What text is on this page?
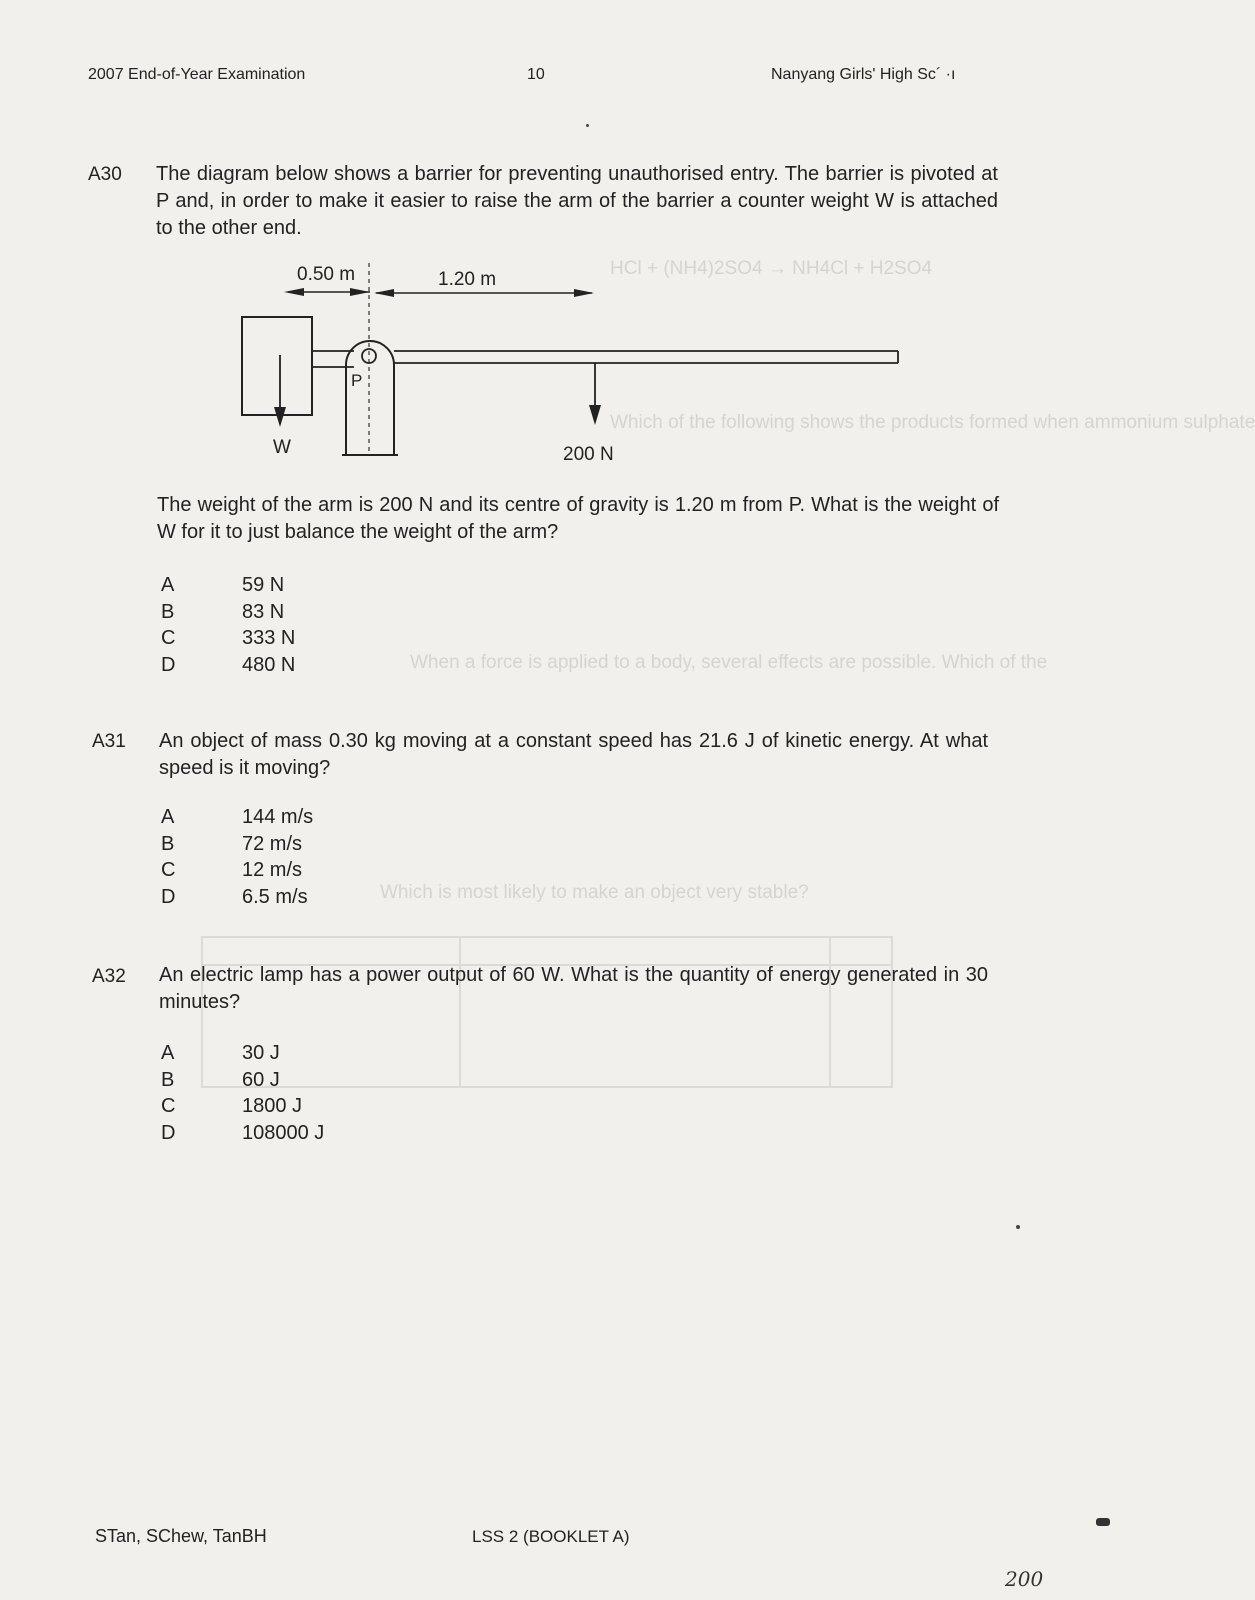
HCl + (NH4)2SO4 → NH4Cl + H2SO4
Which of the following shows the products formed when ammonium sulphate
When a force is applied to a body, several effects are possible. Which of the
Which is most likely to make an object very stable?
2007 End-of-Year Examination	10	Nanyang Girls' High Sc´ ·ı
A30 The diagram below shows a barrier for preventing unauthorised entry. The barrier is pivoted at P and, in order to make it easier to raise the arm of the barrier a counter weight W is attached to the other end.
0.50 m	1.20 m
P
W	200 N
The weight of the arm is 200 N and its centre of gravity is 1.20 m from P. What is the weight of W for it to just balance the weight of the arm?
A	59 N
B	83 N
C	333 N
D	480 N
A31 An object of mass 0.30 kg moving at a constant speed has 21.6 J of kinetic energy. At what speed is it moving?
A	144 m/s
B	72 m/s
C	12 m/s
D	6.5 m/s
A32 An electric lamp has a power output of 60 W. What is the quantity of energy generated in 30 minutes?
A	30 J
B	60 J
C	1800 J
D	108000 J
STan, SChew, TanBH	LSS 2 (BOOKLET A)
200
